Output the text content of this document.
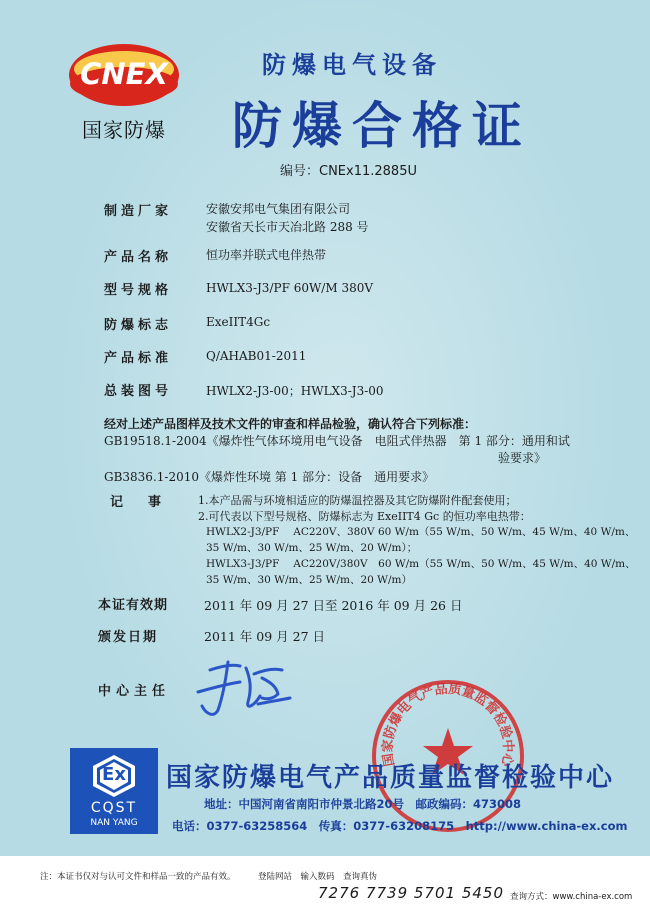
CNEX
国家防爆
防爆电气设备
防爆合格证
编号：CNEx11.2885U
制造厂家	安徽安邦电气集团有限公司
安徽省天长市天冶北路 288 号
产品名称	恒功率并联式电伴热带
型号规格	HWLX3-J3/PF 60W/M 380V
防爆标志	ExeIIT4Gc
产品标准	Q/AHAB01-2011
总装图号	HWLX2-J3-00；HWLX3-J3-00
经对上述产品图样及技术文件的审查和样品检验，确认符合下列标准：
GB19518.1-2004《爆炸性气体环境用电气设备　电阻式伴热器　第 1 部分：通用和试
验要求》
GB3836.1-2010《爆炸性环境 第 1 部分：设备　通用要求》
记　事	1.本产品需与环境相适应的防爆温控器及其它防爆附件配套使用；
2.可代表以下型号规格、防爆标志为 ExeIIT4 Gc 的恒功率电热带：
HWLX2-J3/PF　 AC220V、380V 60 W/m（55 W/m、50 W/m、45 W/m、40 W/m、
35 W/m、30 W/m、25 W/m、20 W/m）；
HWLX3-J3/PF　 AC220V/380V　60 W/m（55 W/m、50 W/m、45 W/m、40 W/m、
35 W/m、30 W/m、25 W/m、20 W/m）
本证有效期	2011 年 09 月 27 日至 2016 年 09 月 26 日
颁发日期	2011 年 09 月 27 日
中心主任
国家防爆电气产品质量监督检验中心
Ex
CQST
NAN YANG
国家防爆电气产品质量监督检验中心
地址：中国河南省南阳市仲景北路20号　邮政编码：473008
电话：0377-63258564　传真：0377-63208175　http://www.china-ex.com
注：本证书仅对与认可文件和样品一致的产品有效。	登陆网站　输入数码　查询真伪
7276 7739 5701 5450 查询方式：www.china-ex.com
